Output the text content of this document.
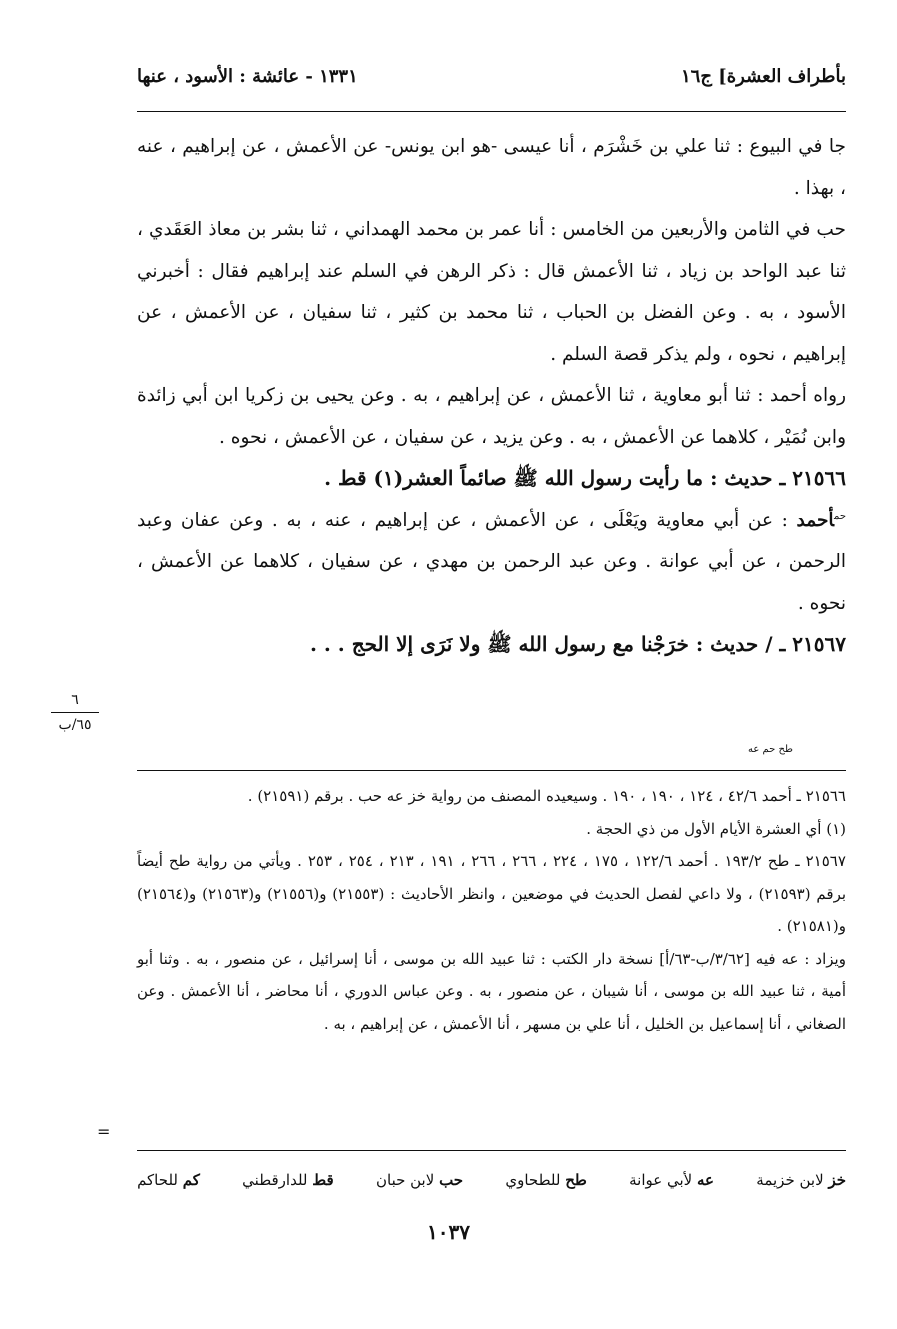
بأطراف العشرة] ج١٦
١٣٣١ - عائشة : الأسود ، عنها

جا في البيوع : ثنا علي بن خَشْرَم ، أنا عيسى -هو ابن يونس- عن الأعمش ، عن إبراهيم ، عنه ، بهذا .

حب في الثامن والأربعين من الخامس : أنا عمر بن محمد الهمداني ، ثنا بشر بن معاذ العَقَدي ، ثنا عبد الواحد بن زياد ، ثنا الأعمش قال : ذكر الرهن في السلم عند إبراهيم فقال : أخبرني الأسود ، به . وعن الفضل بن الحباب ، ثنا محمد بن كثير ، ثنا سفيان ، عن الأعمش ، عن إبراهيم ، نحوه ، ولم يذكر قصة السلم .

رواه أحمد : ثنا أبو معاوية ، ثنا الأعمش ، عن إبراهيم ، به . وعن يحيى بن زكريا ابن أبي زائدة وابن نُمَيْر ، كلاهما عن الأعمش ، به . وعن يزيد ، عن سفيان ، عن الأعمش ، نحوه .

٢١٥٦٦ ـ حديث : ما رأيت رسول الله ﷺ صائماً العشر(١) قط .

$^{حم}$أحمد : عن أبي معاوية ويَعْلَى ، عن الأعمش ، عن إبراهيم ، عنه ، به . وعن عفان وعبد الرحمن ، عن أبي عوانة . وعن عبد الرحمن بن مهدي ، عن سفيان ، كلاهما عن الأعمش ، نحوه .

٢١٥٦٧ ـ / حديث : خرَجْنا مع رسول الله ﷺ ولا نَرَى إلا الحج . . .

طح حم عه
٦
٦٥/ب

٢١٥٦٦ ـ أحمد ٤٢/٦ ، ١٢٤ ، ١٩٠ ، ١٩٠ . وسيعيده المصنف من رواية خز عه حب . برقم (٢١٥٩١) .

(١) أي العشرة الأيام الأول من ذي الحجة .

٢١٥٦٧ ـ طح ١٩٣/٢ . أحمد ١٢٢/٦ ، ١٧٥ ، ٢٢٤ ، ٢٦٦ ، ٢٦٦ ، ١٩١ ، ٢١٣ ، ٢٥٤ ، ٢٥٣ . ويأتي من رواية طح أيضاً برقم (٢١٥٩٣) ، ولا داعي لفصل الحديث في موضعين ، وانظر الأحاديث : (٢١٥٥٣) و(٢١٥٥٦) و(٢١٥٦٣) و(٢١٥٦٤) و(٢١٥٨١) .

ويزاد : عه فيه [٣/٦٢/ب-٦٣/أ] نسخة دار الكتب : ثنا عبيد الله بن موسى ، أنا إسرائيل ، عن منصور ، به . وثنا أبو أمية ، ثنا عبيد الله بن موسى ، أنا شيبان ، عن منصور ، به . وعن عباس الدوري ، أنا محاضر ، أنا الأعمش . وعن الصغاني ، أنا إسماعيل بن الخليل ، أنا علي بن مسهر ، أنا الأعمش ، عن إبراهيم ، به .

=
خز لابن خزيمة
عه لأبي عوانة
طح للطحاوي
حب لابن حبان
قط للدارقطني
كم للحاكم
١٠٣٧
